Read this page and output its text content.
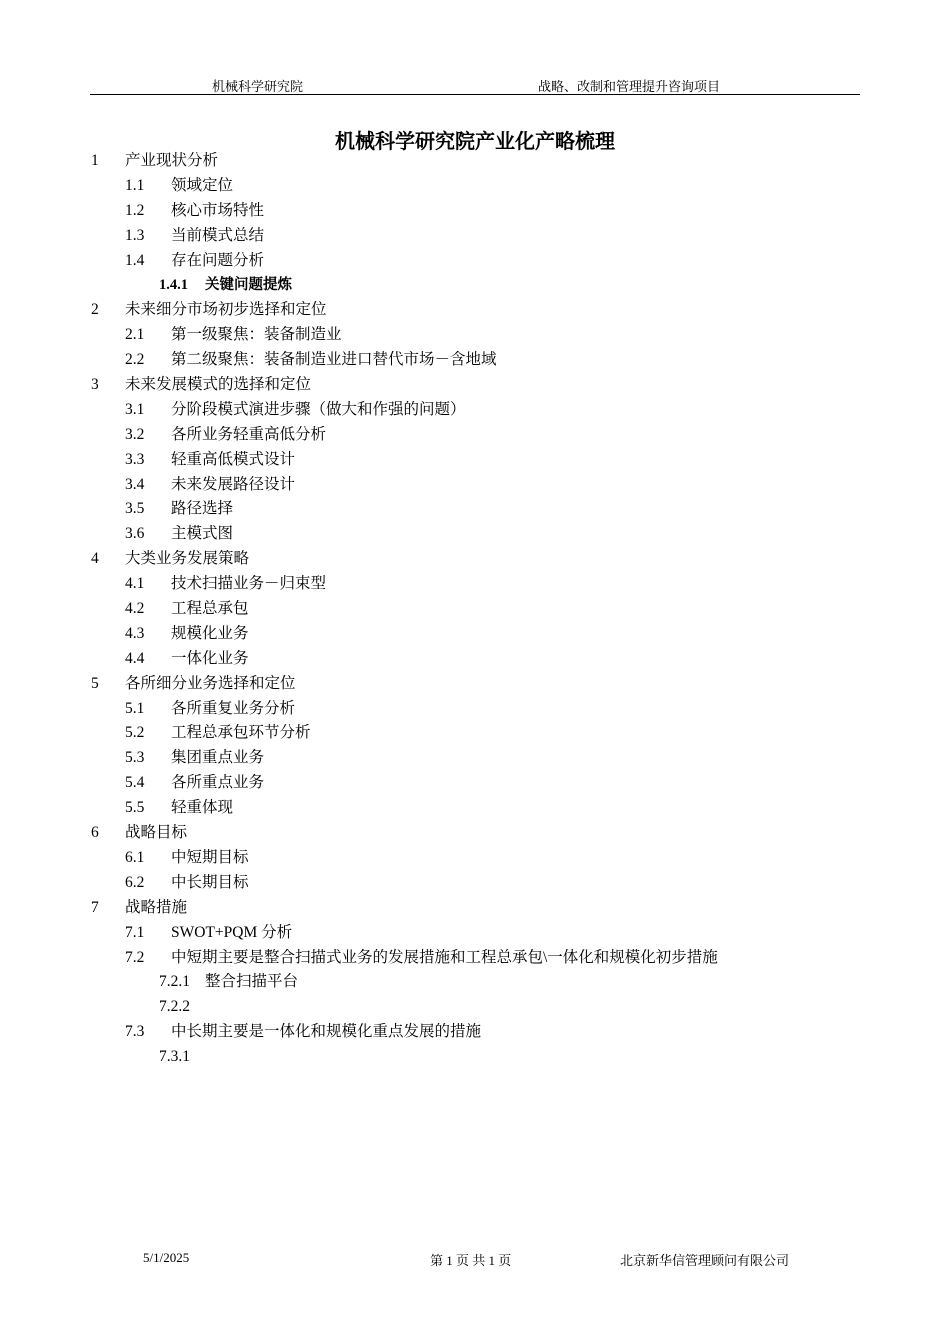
机械科学研究院	战略、改制和管理提升咨询项目
机械科学研究院产业化产略梳理
1 产业现状分析
1.1 领域定位
1.2 核心市场特性
1.3 当前模式总结
1.4 存在问题分析
1.4.1 关键问题提炼
2 未来细分市场初步选择和定位
2.1 第一级聚焦：装备制造业
2.2 第二级聚焦：装备制造业进口替代市场－含地域
3 未来发展模式的选择和定位
3.1 分阶段模式演进步骤（做大和作强的问题）
3.2 各所业务轻重高低分析
3.3 轻重高低模式设计
3.4 未来发展路径设计
3.5 路径选择
3.6 主模式图
4 大类业务发展策略
4.1 技术扫描业务－归束型
4.2 工程总承包
4.3 规模化业务
4.4 一体化业务
5 各所细分业务选择和定位
5.1 各所重复业务分析
5.2 工程总承包环节分析
5.3 集团重点业务
5.4 各所重点业务
5.5 轻重体现
6 战略目标
6.1 中短期目标
6.2 中长期目标
7 战略措施
7.1 SWOT+PQM 分析
7.2 中短期主要是整合扫描式业务的发展措施和工程总承包\一体化和规模化初步措施
7.2.1 整合扫描平台
7.2.2
7.3 中长期主要是一体化和规模化重点发展的措施
7.3.1
5/1/2025	第 1 页 共 1 页	北京新华信管理顾问有限公司
